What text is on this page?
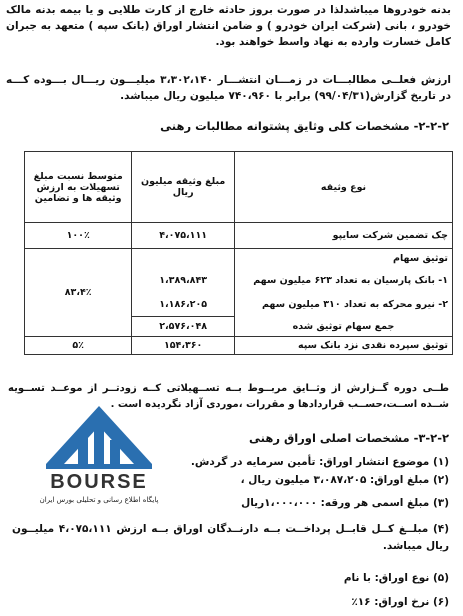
بدنه خودروها میباشدلذا در صورت بروز حادثه خارج از کارت طلایی و یا بیمه بدنه مالک خودرو ، بانی (شرکت ایران خودرو ) و ضامن انتشار اوراق (بانک سپه ) متعهد به جبران کامل خسارت وارده به نهاد واسط خواهند بود.
ارزش فعلــی مطالبـــات در زمـــان انتشـــار ۳،۳۰۲،۱۴۰ میلیـــون ریـــال بـــوده کـــه در تاریخ گزارش(۹۹/۰۴/۳۱) برابر با ۷۴۰،۹۶۰ میلیون ریال میباشد.
۲-۲-۲- مشخصات کلی وثایق پشتوانه مطالبات رهنی
نوع وثیقه	مبلغ وثیقه میلیون ریال	متوسط نسبت مبلغ تسهیلات به ارزش وثیقه ها و تضامین
چک تضمین شرکت سایپو	۴،۰۷۵،۱۱۱	۱۰۰٪
توثیق سهام		۸۳،۴٪
۱- بانک پارسیان به تعداد ۶۲۳ میلیون سهم	۱،۳۸۹،۸۴۳	
۲- نیرو محرکه به تعداد ۳۱۰ میلیون سهم	۱،۱۸۶،۲۰۵	
جمع سهام توثیق شده	۲،۵۷۶،۰۴۸	
توثیق سپرده نقدی نزد بانک سپه	۱۵۴،۳۶۰	۵٪
طــی دوره گــزارش از وثــایق مربــوط بــه تســهیلاتی کــه زودتــر از موعــد تســویه شــده اســت،حســب قراردادها و مقررات ،موردی آزاد نگردیده است .
۳-۲-۲- مشخصات اصلی اوراق رهنی
(۱) موضوع انتشار اوراق: تأمین سرمایه در گردش.
(۲) مبلغ اوراق: ۳،۰۸۷،۲۰۵ میلیون ریال ،
(۳) مبلغ اسمی هر ورقه: ۱،۰۰۰،۰۰۰ریال
(۴) مبلــغ کــل قابــل پرداخــت بــه دارنــدگان اوراق بــه ارزش ۴،۰۷۵،۱۱۱ میلیــون ریال میباشد.
(۵) نوع اوراق: با نام
(۶) نرخ اوراق: ۱۶٪
BOURSE
پایگاه اطلاع رسانی و تحلیلی بورس ایران
